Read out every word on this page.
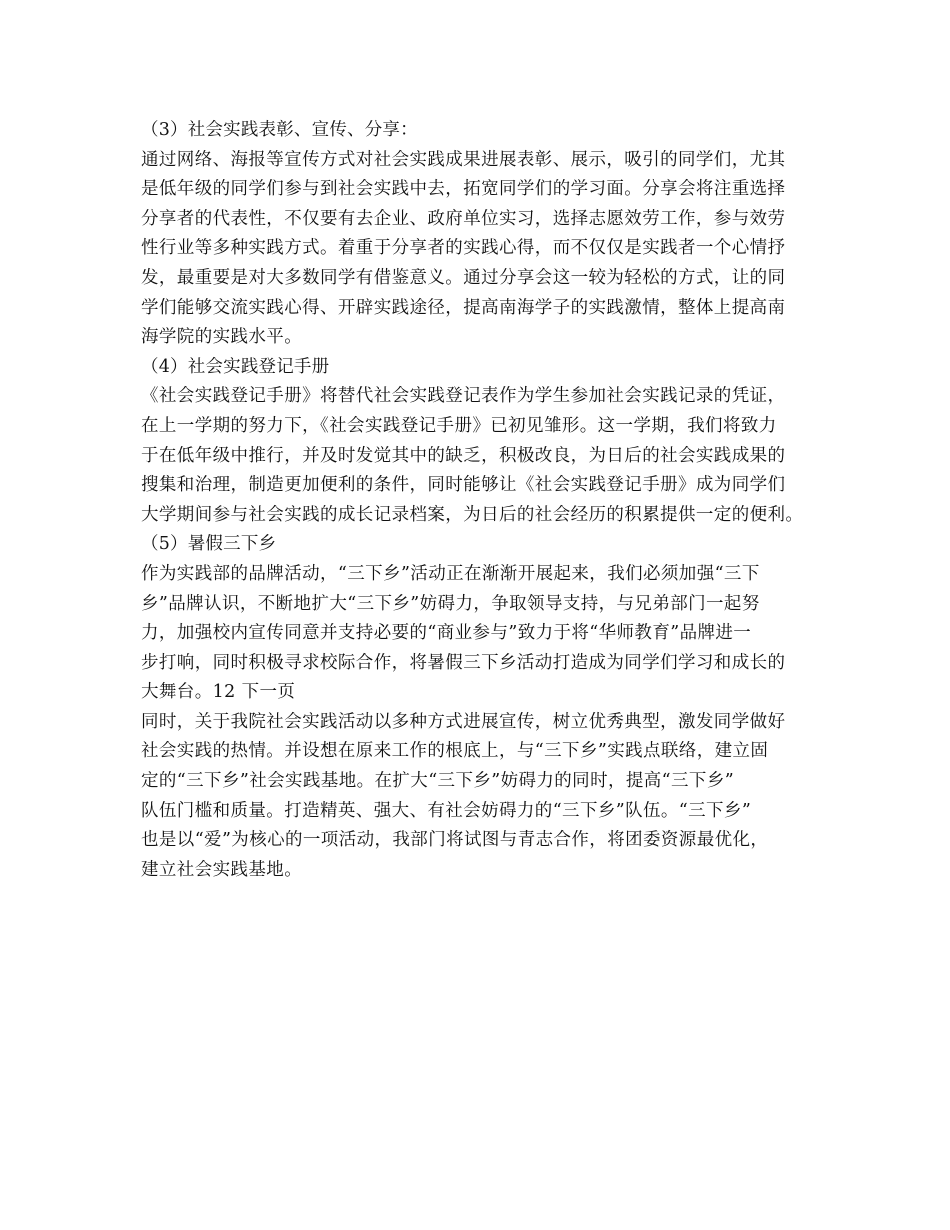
（3）社会实践表彰、宣传、分享：
通过网络、海报等宣传方式对社会实践成果进展表彰、展示，吸引的同学们，尤其
是低年级的同学们参与到社会实践中去，拓宽同学们的学习面。分享会将注重选择
分享者的代表性，不仅要有去企业、政府单位实习，选择志愿效劳工作，参与效劳
性行业等多种实践方式。着重于分享者的实践心得，而不仅仅是实践者一个心情抒
发，最重要是对大多数同学有借鉴意义。通过分享会这一较为轻松的方式，让的同
学们能够交流实践心得、开辟实践途径，提高南海学子的实践激情，整体上提高南
海学院的实践水平。
（4）社会实践登记手册
《社会实践登记手册》将替代社会实践登记表作为学生参加社会实践记录的凭证，
在上一学期的努力下，《社会实践登记手册》已初见雏形。这一学期，我们将致力
于在低年级中推行，并及时发觉其中的缺乏，积极改良，为日后的社会实践成果的
搜集和治理，制造更加便利的条件，同时能够让《社会实践登记手册》成为同学们
大学期间参与社会实践的成长记录档案，为日后的社会经历的积累提供一定的便利。
（5）暑假三下乡
作为实践部的品牌活动，“三下乡”活动正在渐渐开展起来，我们必须加强“三下
乡”品牌认识，不断地扩大“三下乡”妨碍力，争取领导支持，与兄弟部门一起努
力，加强校内宣传同意并支持必要的“商业参与”致力于将“华师教育”品牌进一
步打响，同时积极寻求校际合作，将暑假三下乡活动打造成为同学们学习和成长的
大舞台。12 下一页
同时，关于我院社会实践活动以多种方式进展宣传，树立优秀典型，激发同学做好
社会实践的热情。并设想在原来工作的根底上，与“三下乡”实践点联络，建立固
定的“三下乡”社会实践基地。在扩大“三下乡”妨碍力的同时，提高“三下乡”
队伍门槛和质量。打造精英、强大、有社会妨碍力的“三下乡”队伍。“三下乡”
也是以“爱”为核心的一项活动，我部门将试图与青志合作，将团委资源最优化，
建立社会实践基地。
